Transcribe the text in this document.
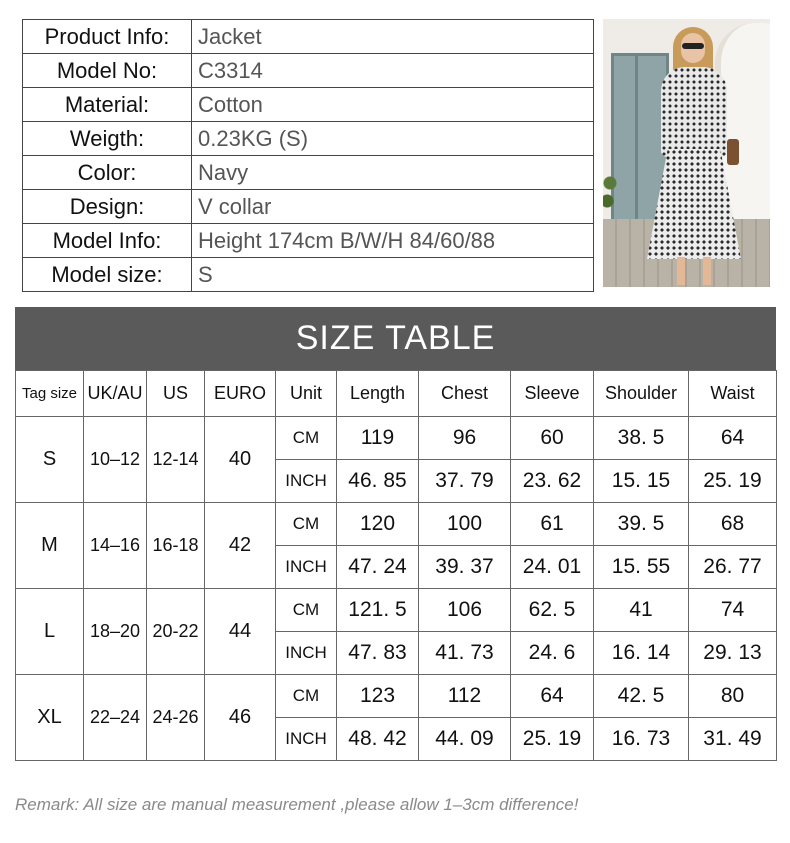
Product Info:	Jacket
Model No:	C3314
Material:	Cotton
Weigth:	0.23KG (S)
Color:	Navy
Design:	V collar
Model Info:	Height 174cm B/W/H 84/60/88
Model size:	S
SIZE TABLE
Tag size	UK/AU	US	EURO	Unit	Length	Chest	Sleeve	Shoulder	Waist
S	10–12	12-14	40	CM	119	96	60	38. 5	64
				INCH	46. 85	37. 79	23. 62	15. 15	25. 19
M	14–16	16-18	42	CM	120	100	61	39. 5	68
				INCH	47. 24	39. 37	24. 01	15. 55	26. 77
L	18–20	20-22	44	CM	121. 5	106	62. 5	41	74
				INCH	47. 83	41. 73	24. 6	16. 14	29. 13
XL	22–24	24-26	46	CM	123	112	64	42. 5	80
				INCH	48. 42	44. 09	25. 19	16. 73	31. 49
Remark: All size are manual measurement ,please allow 1–3cm difference!
